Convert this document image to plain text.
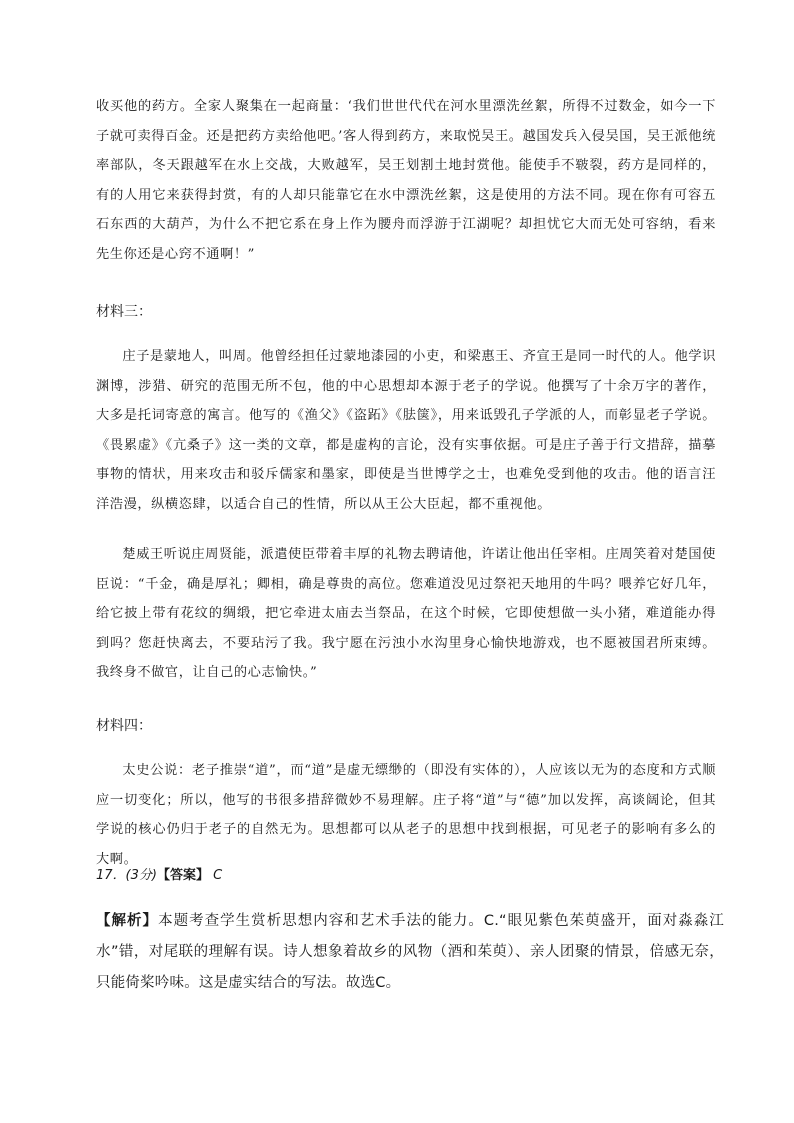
收买他的药方。全家人聚集在一起商量：‘我们世世代代在河水里漂洗丝絮，所得不过数金，如今一下子就可卖得百金。还是把药方卖给他吧。’客人得到药方，来取悦吴王。越国发兵入侵吴国，吴王派他统率部队，冬天跟越军在水上交战，大败越军，吴王划割土地封赏他。能使手不皲裂，药方是同样的，有的人用它来获得封赏，有的人却只能靠它在水中漂洗丝絮，这是使用的方法不同。现在你有可容五石东西的大葫芦，为什么不把它系在身上作为腰舟而浮游于江湖呢？却担忧它大而无处可容纳，看来先生你还是心窍不通啊！”

材料三：

庄子是蒙地人，叫周。他曾经担任过蒙地漆园的小吏，和梁惠王、齐宣王是同一时代的人。他学识渊博，涉猎、研究的范围无所不包，他的中心思想却本源于老子的学说。他撰写了十余万字的著作，大多是托词寄意的寓言。他写的《渔父》《盗跖》《胠箧》，用来诋毁孔子学派的人，而彰显老子学说。《畏累虚》《亢桑子》这一类的文章，都是虚构的言论，没有实事依据。可是庄子善于行文措辞，描摹事物的情状，用来攻击和驳斥儒家和墨家，即使是当世博学之士，也难免受到他的攻击。他的语言汪洋浩漫，纵横恣肆，以适合自己的性情，所以从王公大臣起，都不重视他。

楚威王听说庄周贤能，派遣使臣带着丰厚的礼物去聘请他，许诺让他出任宰相。庄周笑着对楚国使臣说：“千金，确是厚礼；卿相，确是尊贵的高位。您难道没见过祭祀天地用的牛吗？喂养它好几年，给它披上带有花纹的绸缎，把它牵进太庙去当祭品，在这个时候，它即使想做一头小猪，难道能办得到吗？您赶快离去，不要玷污了我。我宁愿在污浊小水沟里身心愉快地游戏，也不愿被国君所束缚。我终身不做官，让自己的心志愉快。”

材料四：

太史公说：老子推崇“道”，而“道”是虚无缥缈的（即没有实体的），人应该以无为的态度和方式顺应一切变化；所以，他写的书很多措辞微妙不易理解。庄子将“道”与“德”加以发挥，高谈阔论，但其学说的核心仍归于老子的自然无为。思想都可以从老子的思想中找到根据，可见老子的影响有多么的大啊。

17．(3分)【答案】 C

【解析】本题考查学生赏析思想内容和艺术手法的能力。C.“眼见紫色茱萸盛开，面对淼淼江水”错，对尾联的理解有误。诗人想象着故乡的风物（酒和茱萸）、亲人团聚的情景，倍感无奈，只能倚桨吟味。这是虚实结合的写法。故选C。
